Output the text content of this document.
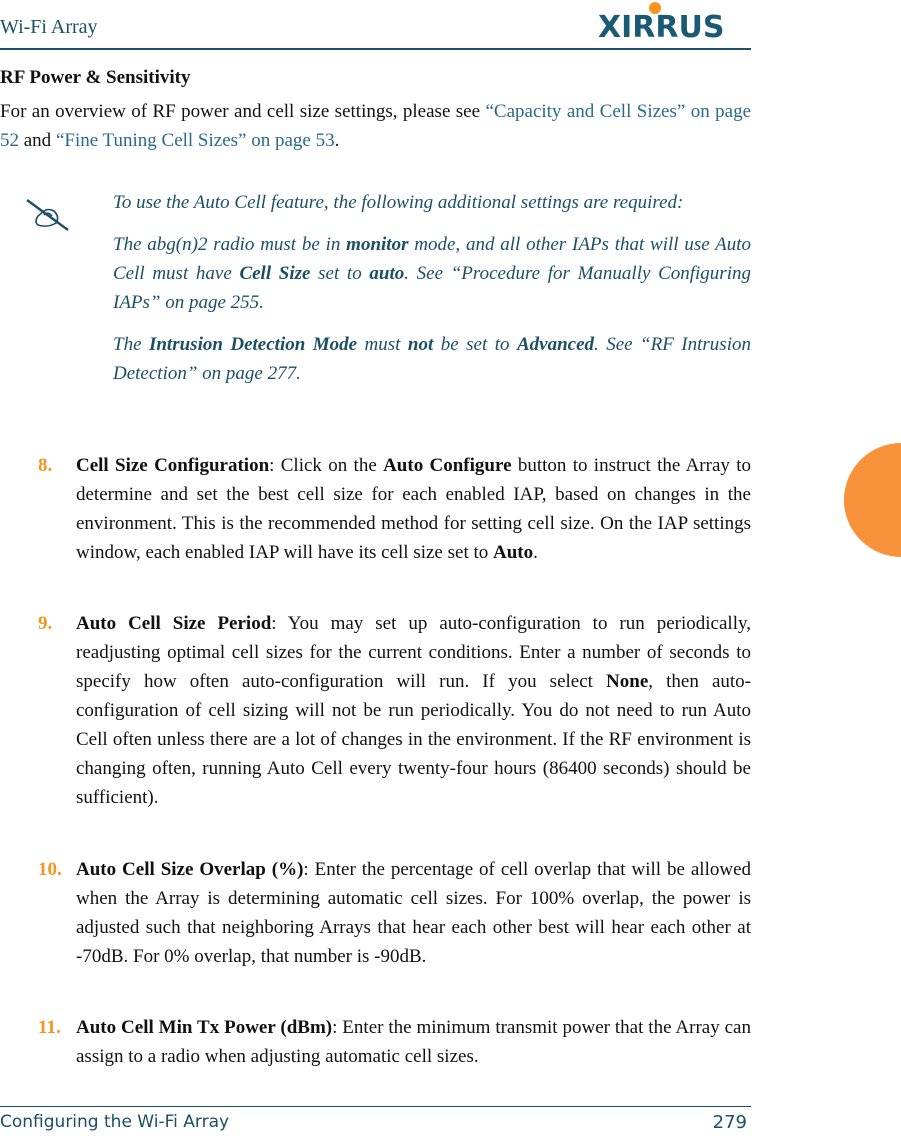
Wi-Fi Array	XIRRUS
RF Power & Sensitivity
For an overview of RF power and cell size settings, please see “Capacity and Cell Sizes” on page 52 and “Fine Tuning Cell Sizes” on page 53.
To use the Auto Cell feature, the following additional settings are required:
The abg(n)2 radio must be in monitor mode, and all other IAPs that will use Auto Cell must have Cell Size set to auto. See “Procedure for Manually Configuring IAPs” on page 255.
The Intrusion Detection Mode must not be set to Advanced. See “RF Intrusion Detection” on page 277.
8. Cell Size Configuration: Click on the Auto Configure button to instruct the Array to determine and set the best cell size for each enabled IAP, based on changes in the environment. This is the recommended method for setting cell size. On the IAP settings window, each enabled IAP will have its cell size set to Auto.
9. Auto Cell Size Period: You may set up auto-configuration to run periodically, readjusting optimal cell sizes for the current conditions. Enter a number of seconds to specify how often auto-configuration will run. If you select None, then auto-configuration of cell sizing will not be run periodically. You do not need to run Auto Cell often unless there are a lot of changes in the environment. If the RF environment is changing often, running Auto Cell every twenty-four hours (86400 seconds) should be sufficient).
10. Auto Cell Size Overlap (%): Enter the percentage of cell overlap that will be allowed when the Array is determining automatic cell sizes. For 100% overlap, the power is adjusted such that neighboring Arrays that hear each other best will hear each other at -70dB. For 0% overlap, that number is -90dB.
11. Auto Cell Min Tx Power (dBm): Enter the minimum transmit power that the Array can assign to a radio when adjusting automatic cell sizes.
Configuring the Wi-Fi Array	279
